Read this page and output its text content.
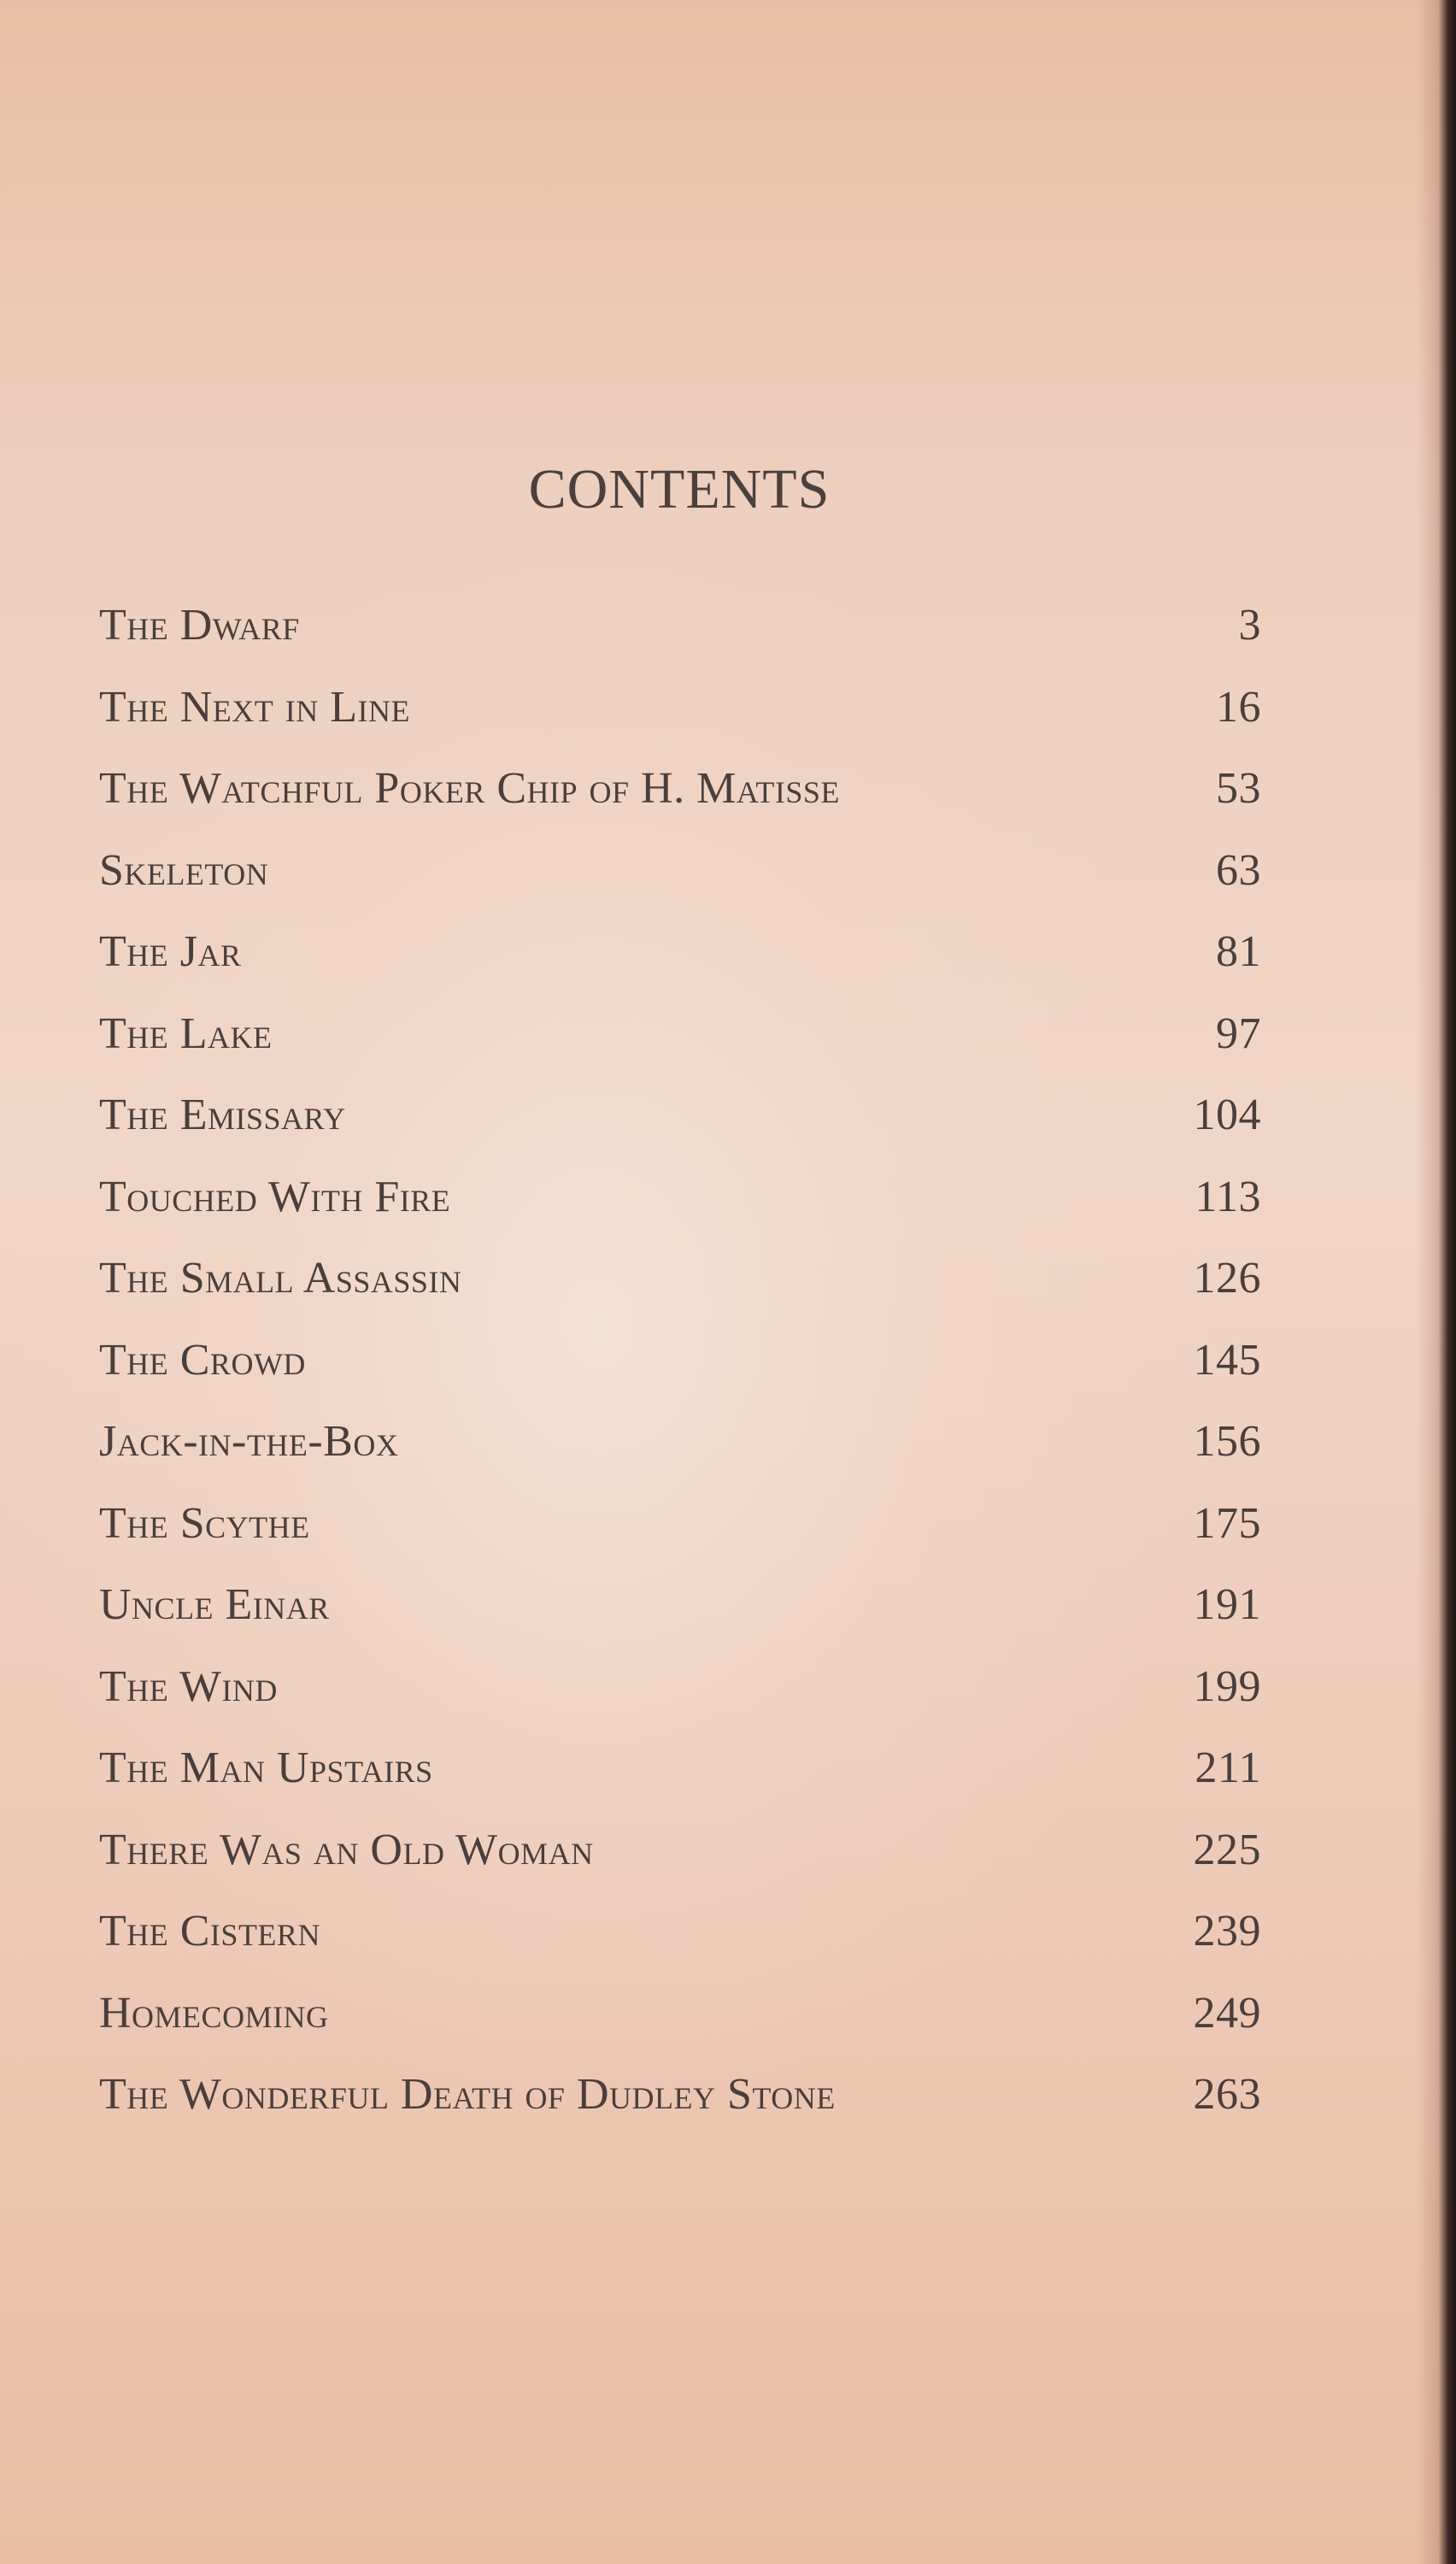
CONTENTS
The Dwarf	3
The Next in Line	16
The Watchful Poker Chip of H. Matisse	53
Skeleton	63
The Jar	81
The Lake	97
The Emissary	104
Touched With Fire	113
The Small Assassin	126
The Crowd	145
Jack-in-the-Box	156
The Scythe	175
Uncle Einar	191
The Wind	199
The Man Upstairs	211
There Was an Old Woman	225
The Cistern	239
Homecoming	249
The Wonderful Death of Dudley Stone	263
